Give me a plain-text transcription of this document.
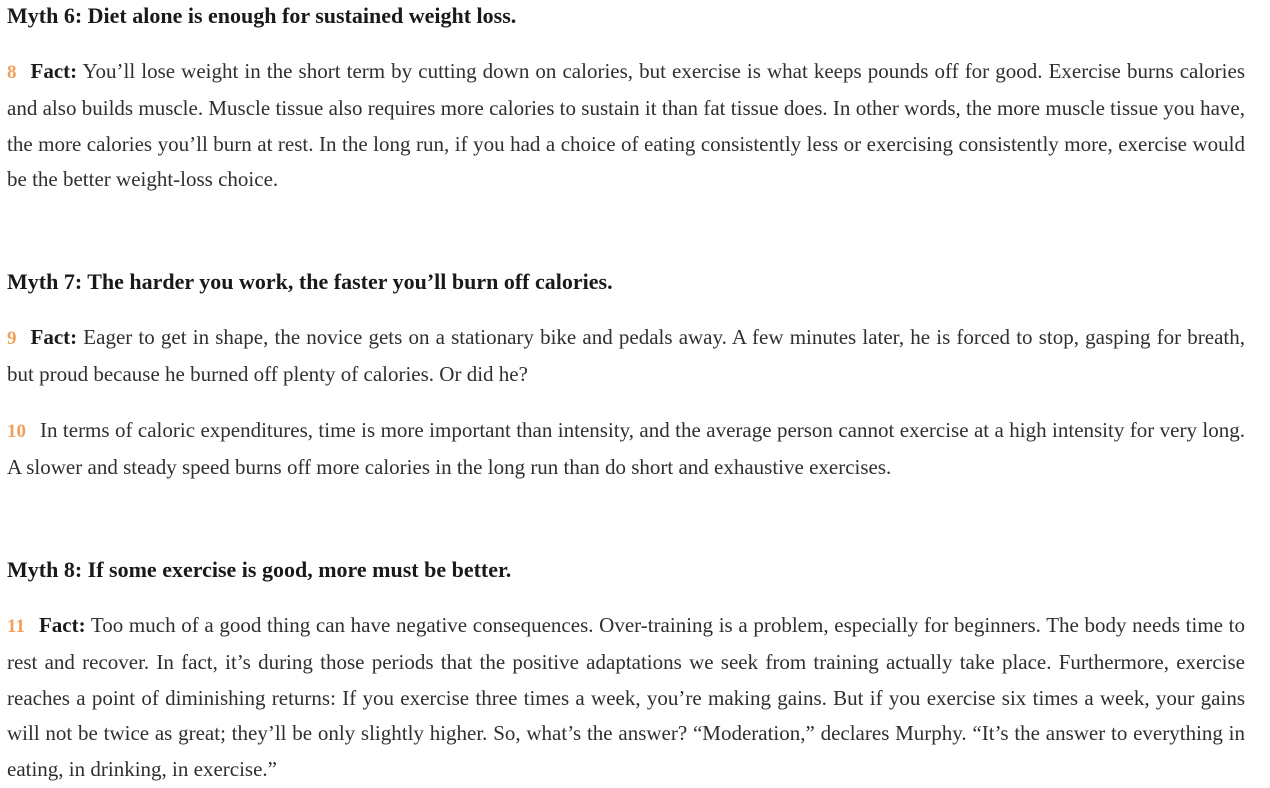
Myth 6: Diet alone is enough for sustained weight loss.

8 Fact: You’ll lose weight in the short term by cutting down on calories, but exercise is what keeps pounds off for good. Exercise burns calories and also builds muscle. Muscle tissue also requires more calories to sustain it than fat tissue does. In other words, the more muscle tissue you have, the more calories you’ll burn at rest. In the long run, if you had a choice of eating consistently less or exercising consistently more, exercise would be the better weight-loss choice.

Myth 7: The harder you work, the faster you’ll burn off calories.

9 Fact: Eager to get in shape, the novice gets on a stationary bike and pedals away. A few minutes later, he is forced to stop, gasping for breath, but proud because he burned off plenty of calories. Or did he?

10 In terms of caloric expenditures, time is more important than intensity, and the average person cannot exercise at a high intensity for very long. A slower and steady speed burns off more calories in the long run than do short and exhaustive exercises.

Myth 8: If some exercise is good, more must be better.

11 Fact: Too much of a good thing can have negative consequences. Over-training is a problem, especially for beginners. The body needs time to rest and recover. In fact, it’s during those periods that the positive adaptations we seek from training actually take place. Furthermore, exercise reaches a point of diminishing returns: If you exercise three times a week, you’re making gains. But if you exercise six times a week, your gains will not be twice as great; they’ll be only slightly higher. So, what’s the answer? “Moderation,” declares Murphy. “It’s the answer to everything in eating, in drinking, in exercise.”
